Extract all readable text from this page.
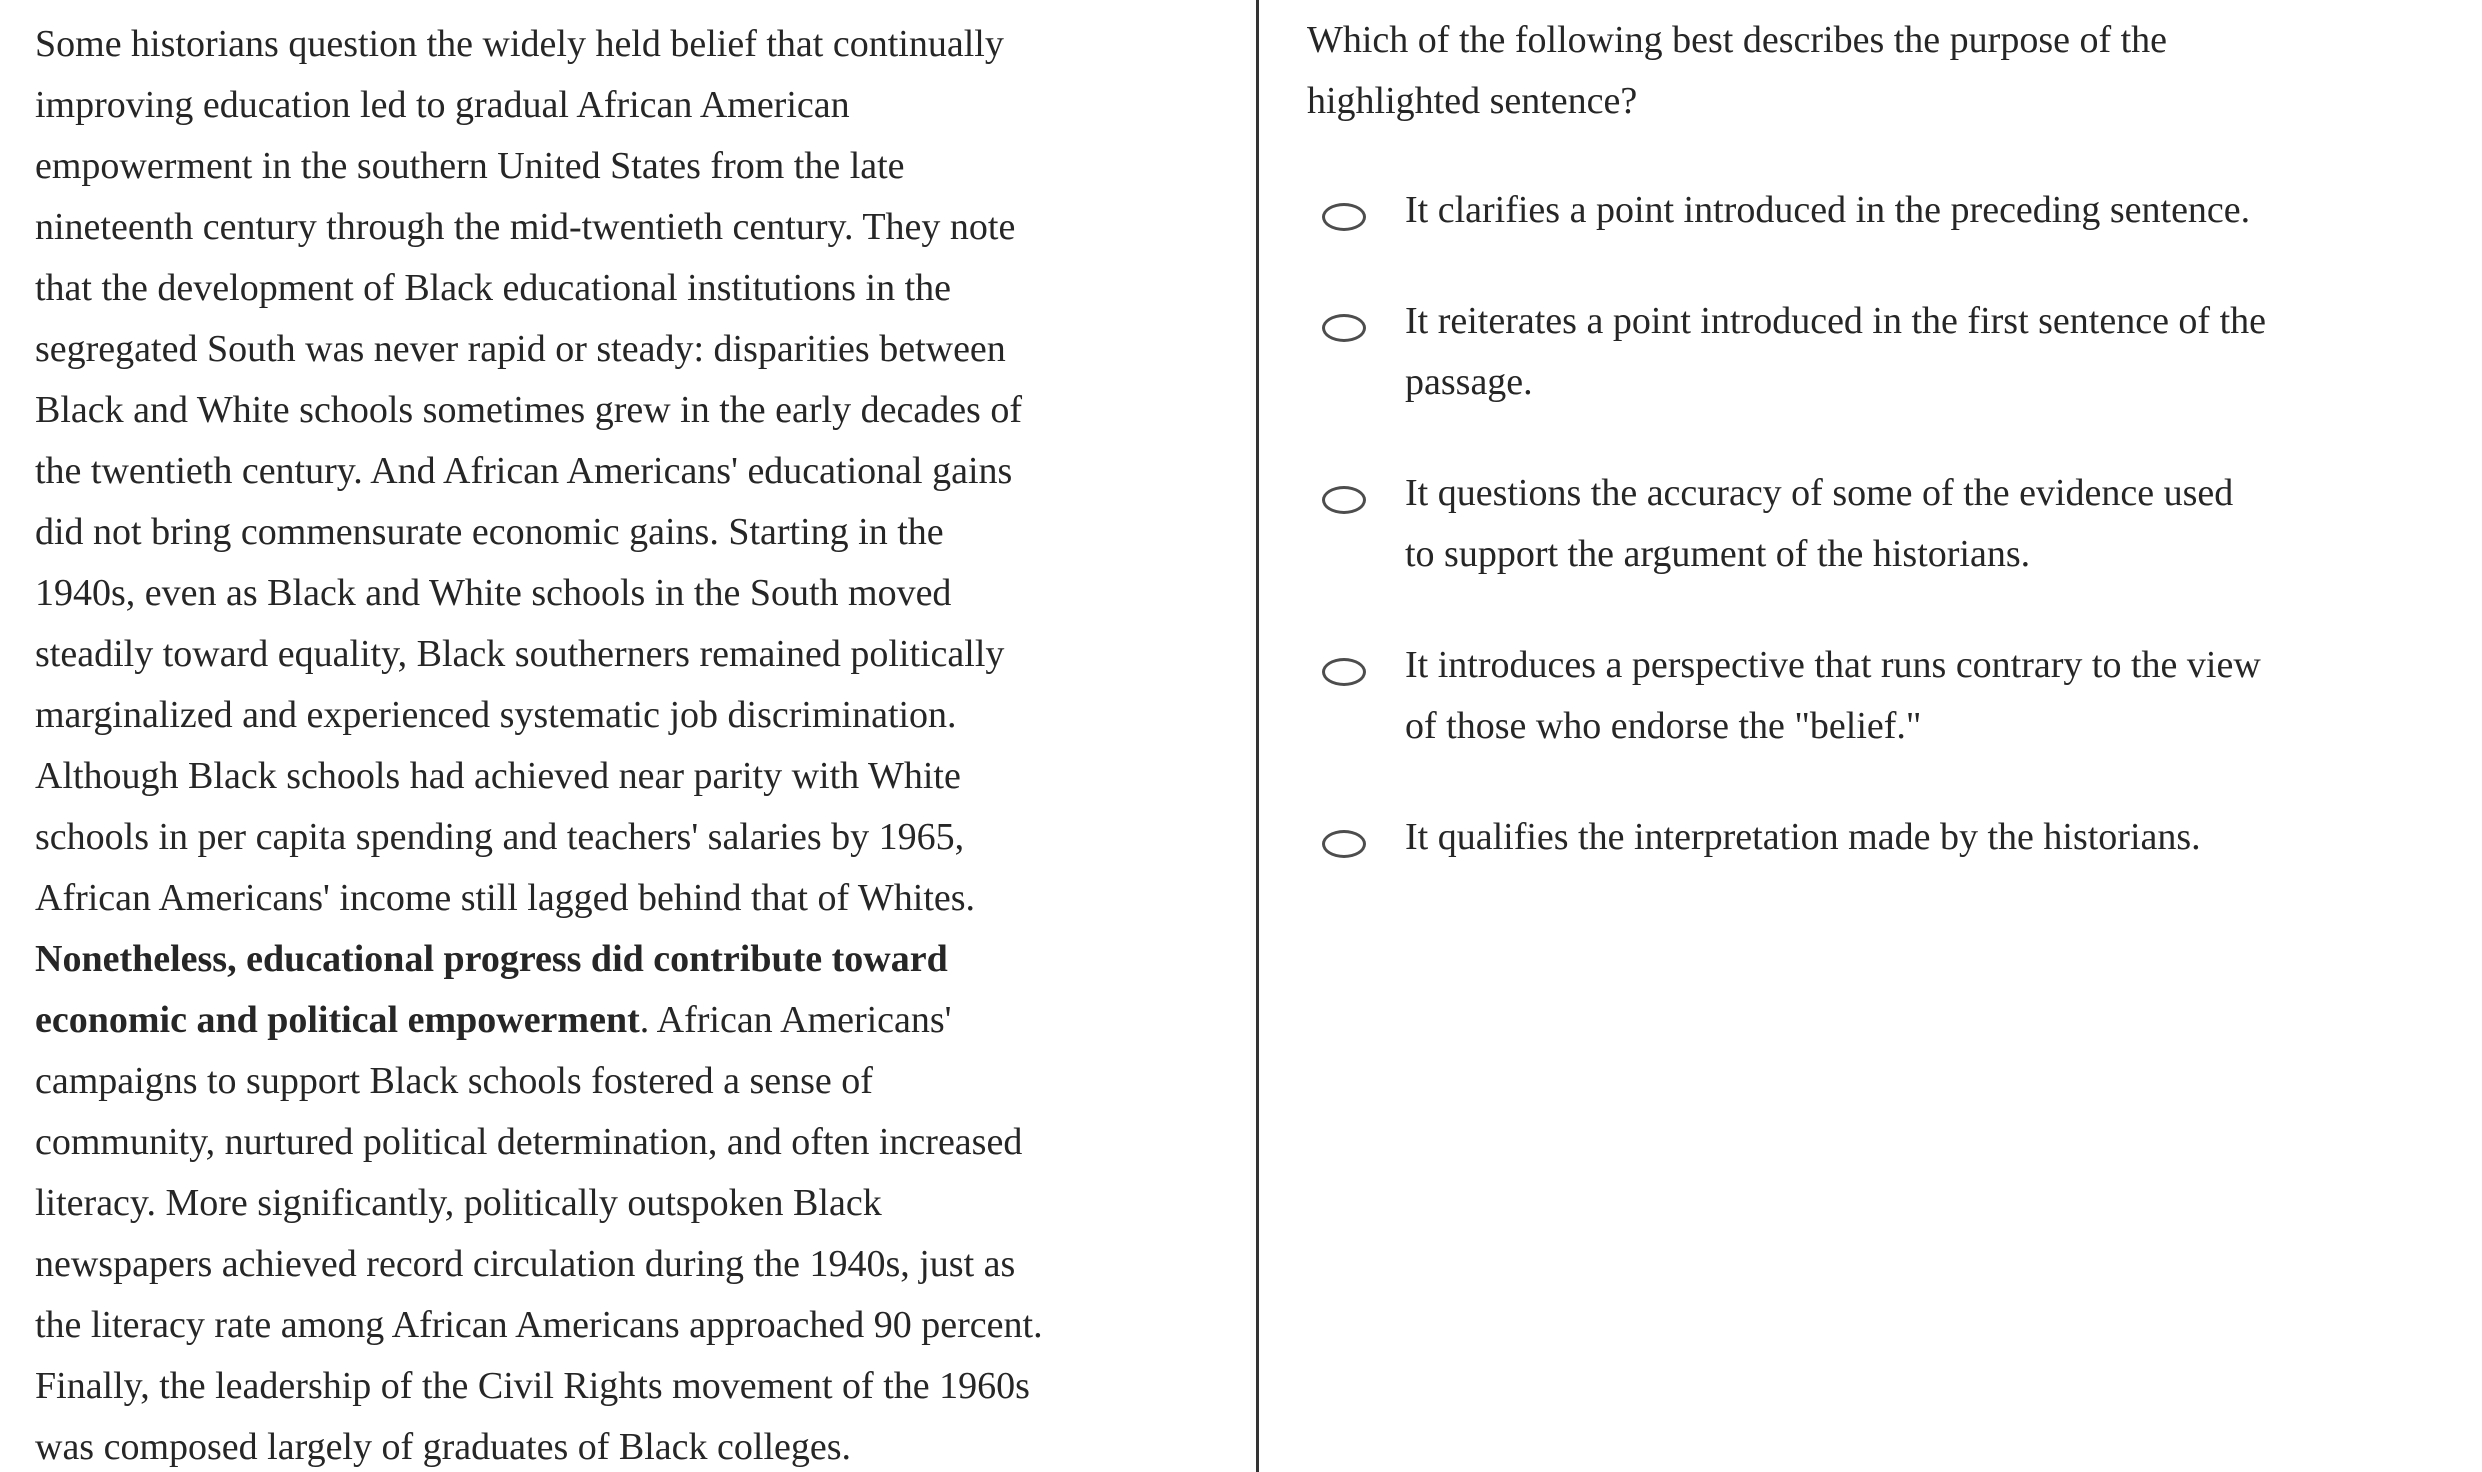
Some historians question the widely held belief that continually
improving education led to gradual African American
empowerment in the southern United States from the late
nineteenth century through the mid-twentieth century. They note
that the development of Black educational institutions in the
segregated South was never rapid or steady: disparities between
Black and White schools sometimes grew in the early decades of
the twentieth century. And African Americans' educational gains
did not bring commensurate economic gains. Starting in the
1940s, even as Black and White schools in the South moved
steadily toward equality, Black southerners remained politically
marginalized and experienced systematic job discrimination.
Although Black schools had achieved near parity with White
schools in per capita spending and teachers' salaries by 1965,
African Americans' income still lagged behind that of Whites.
Nonetheless, educational progress did contribute toward
economic and political empowerment. African Americans'
campaigns to support Black schools fostered a sense of
community, nurtured political determination, and often increased
literacy. More significantly, politically outspoken Black
newspapers achieved record circulation during the 1940s, just as
the literacy rate among African Americans approached 90 percent.
Finally, the leadership of the Civil Rights movement of the 1960s
was composed largely of graduates of Black colleges.
Which of the following best describes the purpose of the
highlighted sentence?
It clarifies a point introduced in the preceding sentence.
It reiterates a point introduced in the first sentence of the
passage.
It questions the accuracy of some of the evidence used
to support the argument of the historians.
It introduces a perspective that runs contrary to the view
of those who endorse the "belief."
It qualifies the interpretation made by the historians.
